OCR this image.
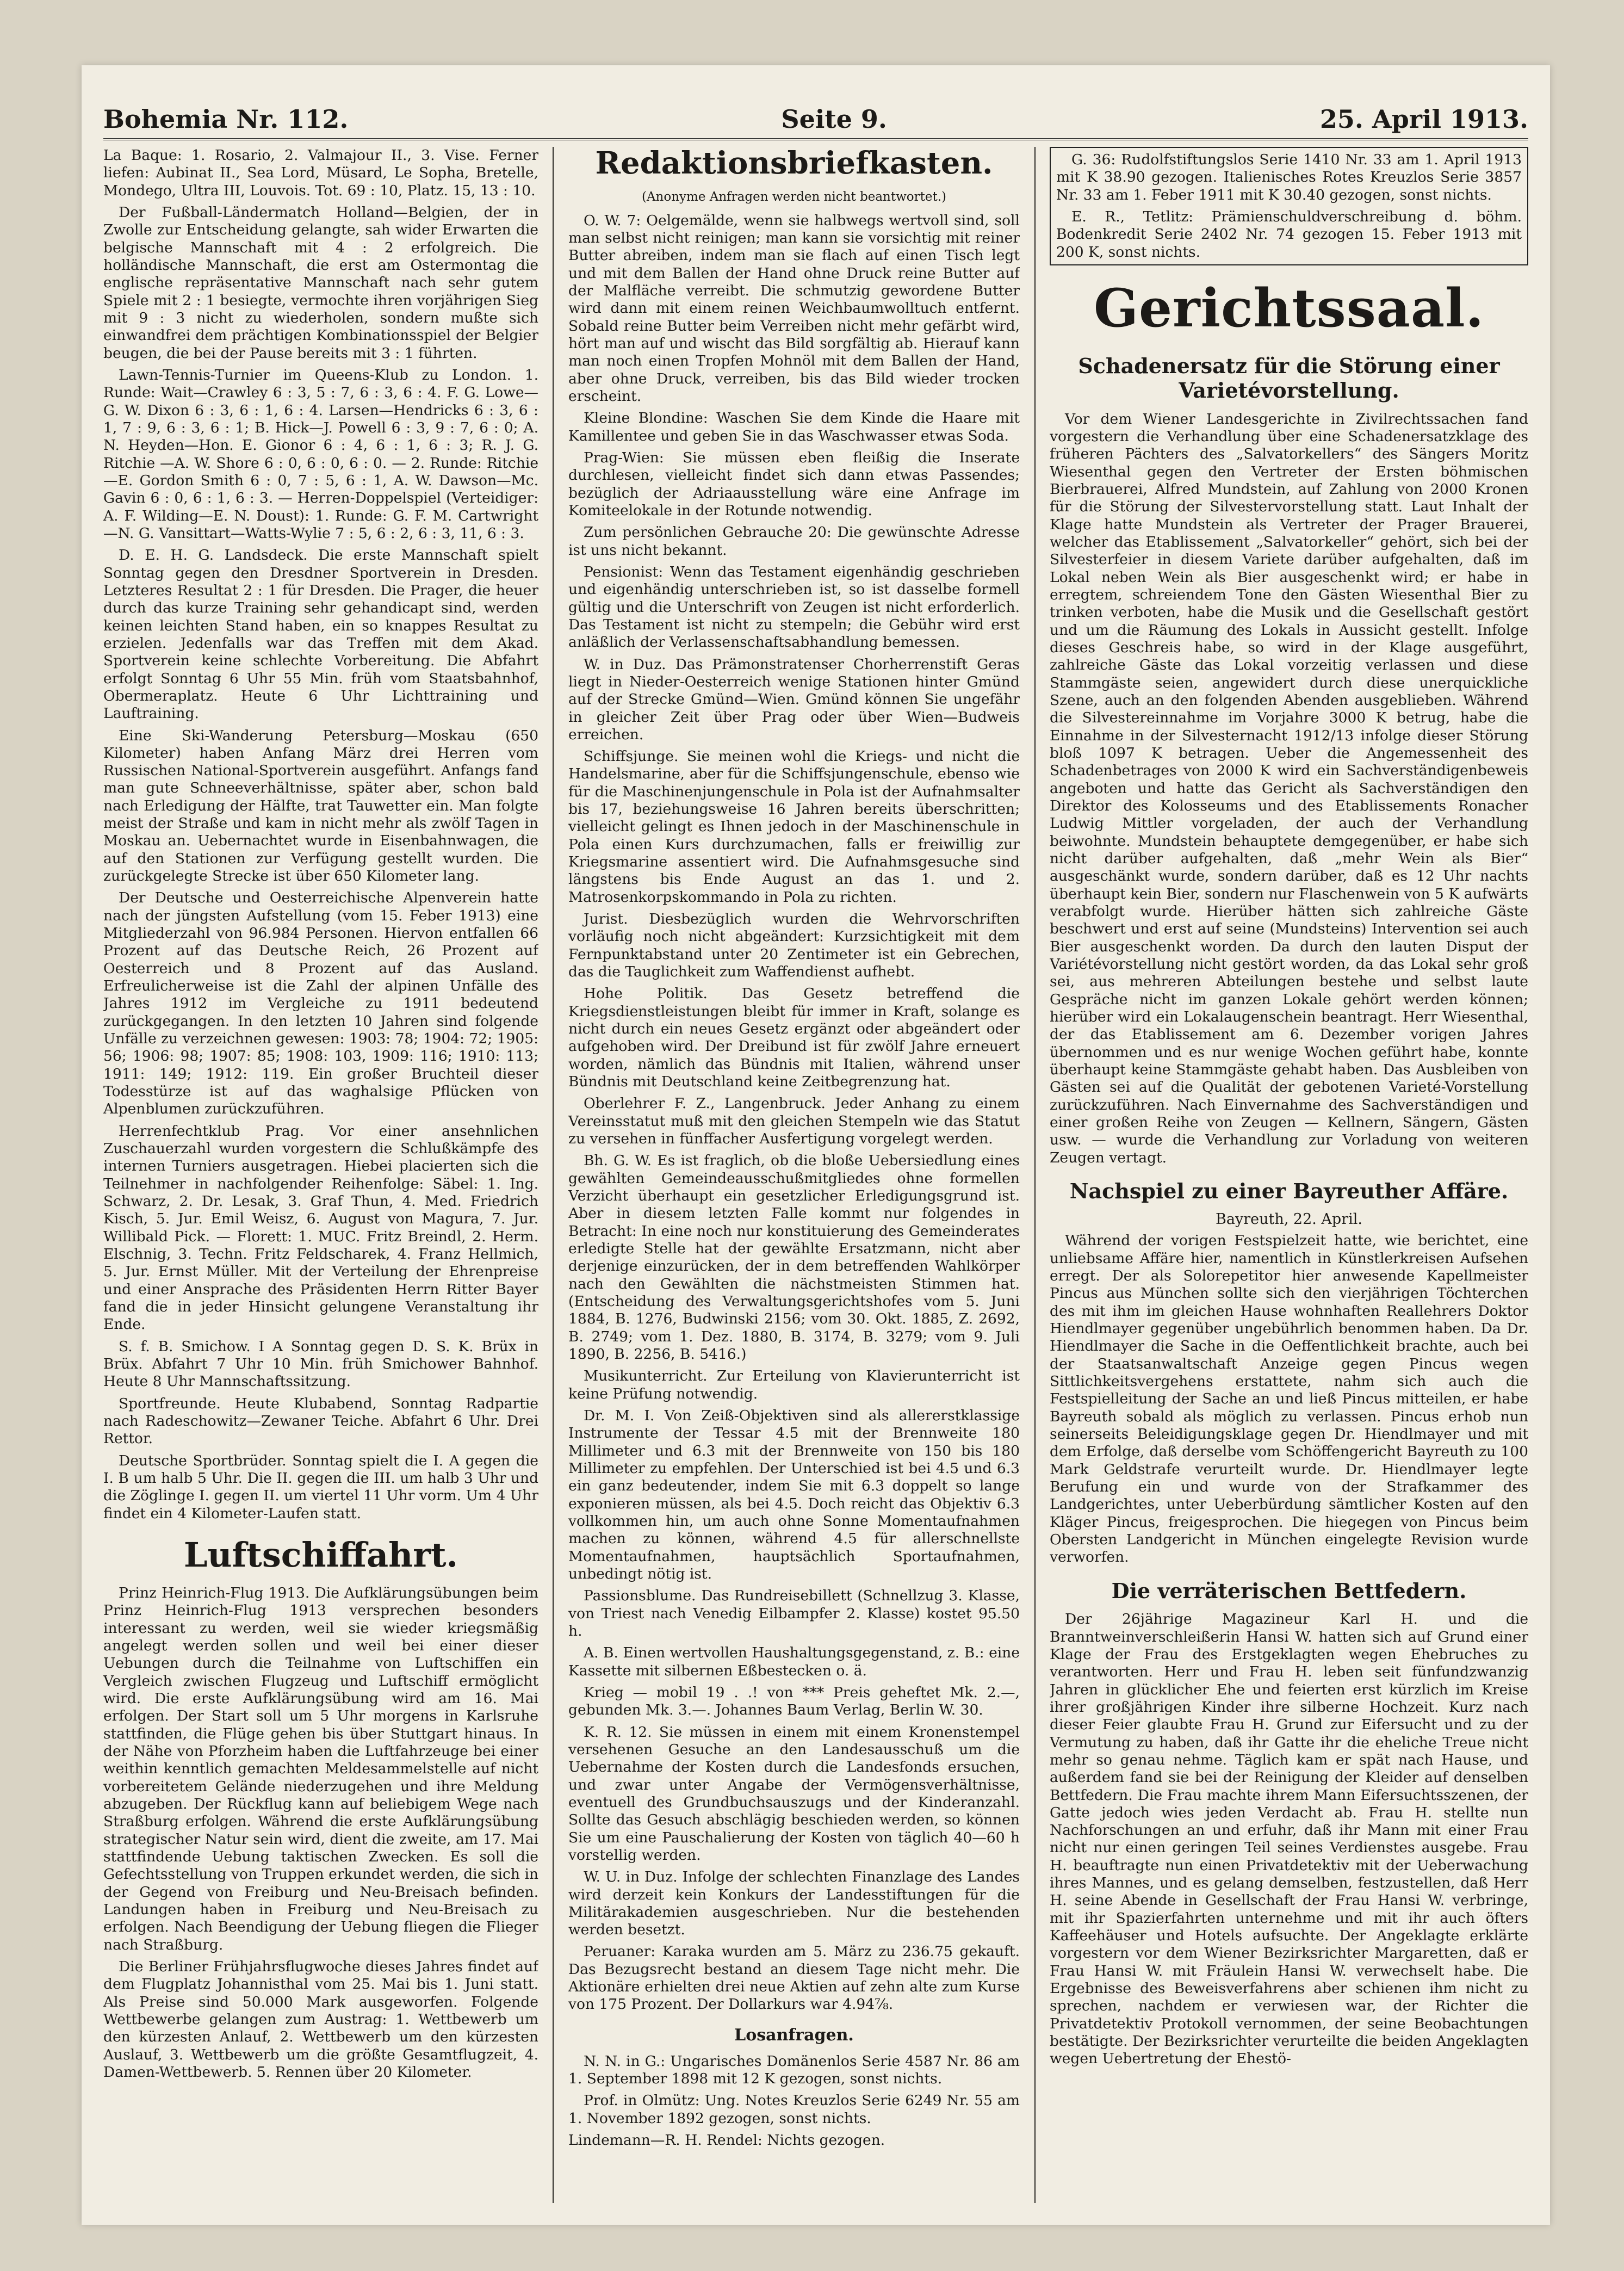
Bohemia Nr. 112.	Seite 9.	25. April 1913.

La Baque: 1. Rosario, 2. Valmajour II., 3. Vise. Ferner liefen: Aubinat II., Sea Lord, Müsard, Le Sopha, Bretelle, Mondego, Ultra III, Louvois. Tot. 69 : 10, Platz. 15, 13 : 10.

Der Fußball-Ländermatch Holland—Belgien, der in Zwolle zur Entscheidung gelangte, sah wider Erwarten die belgische Mannschaft mit 4 : 2 erfolgreich. Die holländische Mannschaft, die erst am Ostermontag die englische repräsentative Mannschaft nach sehr gutem Spiele mit 2 : 1 besiegte, vermochte ihren vorjährigen Sieg mit 9 : 3 nicht zu wiederholen, sondern mußte sich einwandfrei dem prächtigen Kombinationsspiel der Belgier beugen, die bei der Pause bereits mit 3 : 1 führten.

Lawn-Tennis-Turnier im Queens-Klub zu London. 1. Runde: Wait—Crawley 6 : 3, 5 : 7, 6 : 3, 6 : 4. F. G. Lowe—G. W. Dixon 6 : 3, 6 : 1, 6 : 4. Larsen—Hendricks 6 : 3, 6 : 1, 7 : 9, 6 : 3, 6 : 1; B. Hick—J. Powell 6 : 3, 9 : 7, 6 : 0; A. N. Heyden—Hon. E. Gionor 6 : 4, 6 : 1, 6 : 3; R. J. G. Ritchie —A. W. Shore 6 : 0, 6 : 0, 6 : 0. — 2. Runde: Ritchie —E. Gordon Smith 6 : 0, 7 : 5, 6 : 1, A. W. Dawson—Mc. Gavin 6 : 0, 6 : 1, 6 : 3. — Herren-Doppelspiel (Verteidiger: A. F. Wilding—E. N. Doust): 1. Runde: G. F. M. Cartwright—N. G. Vansittart—Watts-Wylie 7 : 5, 6 : 2, 6 : 3, 11, 6 : 3.

D. E. H. G. Landsdeck. Die erste Mannschaft spielt Sonntag gegen den Dresdner Sportverein in Dresden. Letzteres Resultat 2 : 1 für Dresden. Die Prager, die heuer durch das kurze Training sehr gehandicapt sind, werden keinen leichten Stand haben, ein so knappes Resultat zu erzielen. Jedenfalls war das Treffen mit dem Akad. Sportverein keine schlechte Vorbereitung. Die Abfahrt erfolgt Sonntag 6 Uhr 55 Min. früh vom Staatsbahnhof, Obermeraplatz. Heute 6 Uhr Lichttraining und Lauftraining.

Eine Ski-Wanderung Petersburg—Moskau (650 Kilometer) haben Anfang März drei Herren vom Russischen National-Sportverein ausgeführt. Anfangs fand man gute Schneeverhältnisse, später aber, schon bald nach Erledigung der Hälfte, trat Tauwetter ein. Man folgte meist der Straße und kam in nicht mehr als zwölf Tagen in Moskau an. Uebernachtet wurde in Eisenbahnwagen, die auf den Stationen zur Verfügung gestellt wurden. Die zurückgelegte Strecke ist über 650 Kilometer lang.

Der Deutsche und Oesterreichische Alpenverein hatte nach der jüngsten Aufstellung (vom 15. Feber 1913) eine Mitgliederzahl von 96.984 Personen. Hiervon entfallen 66 Prozent auf das Deutsche Reich, 26 Prozent auf Oesterreich und 8 Prozent auf das Ausland. Erfreulicherweise ist die Zahl der alpinen Unfälle des Jahres 1912 im Vergleiche zu 1911 bedeutend zurückgegangen. In den letzten 10 Jahren sind folgende Unfälle zu verzeichnen gewesen: 1903: 78; 1904: 72; 1905: 56; 1906: 98; 1907: 85; 1908: 103, 1909: 116; 1910: 113; 1911: 149; 1912: 119. Ein großer Bruchteil dieser Todesstürze ist auf das waghalsige Pflücken von Alpenblumen zurückzuführen.

Herrenfechtklub Prag. Vor einer ansehnlichen Zuschauerzahl wurden vorgestern die Schlußkämpfe des internen Turniers ausgetragen. Hiebei placierten sich die Teilnehmer in nachfolgender Reihenfolge: Säbel: 1. Ing. Schwarz, 2. Dr. Lesak, 3. Graf Thun, 4. Med. Friedrich Kisch, 5. Jur. Emil Weisz, 6. August von Magura, 7. Jur. Willibald Pick. — Florett: 1. MUC. Fritz Breindl, 2. Herm. Elschnig, 3. Techn. Fritz Feldscharek, 4. Franz Hellmich, 5. Jur. Ernst Müller. Mit der Verteilung der Ehrenpreise und einer Ansprache des Präsidenten Herrn Ritter Bayer fand die in jeder Hinsicht gelungene Veranstaltung ihr Ende.

S. f. B. Smichow. I A Sonntag gegen D. S. K. Brüx in Brüx. Abfahrt 7 Uhr 10 Min. früh Smichower Bahnhof. Heute 8 Uhr Mannschaftssitzung.

Sportfreunde. Heute Klubabend, Sonntag Radpartie nach Radeschowitz—Zewaner Teiche. Abfahrt 6 Uhr. Drei Rettor.

Deutsche Sportbrüder. Sonntag spielt die I. A gegen die I. B um halb 5 Uhr. Die II. gegen die III. um halb 3 Uhr und die Zöglinge I. gegen II. um viertel 11 Uhr vorm. Um 4 Uhr findet ein 4 Kilometer-Laufen statt.

Luftschiffahrt.

Prinz Heinrich-Flug 1913. Die Aufklärungsübungen beim Prinz Heinrich-Flug 1913 versprechen besonders interessant zu werden, weil sie wieder kriegsmäßig angelegt werden sollen und weil bei einer dieser Uebungen durch die Teilnahme von Luftschiffen ein Vergleich zwischen Flugzeug und Luftschiff ermöglicht wird. Die erste Aufklärungsübung wird am 16. Mai erfolgen. Der Start soll um 5 Uhr morgens in Karlsruhe stattfinden, die Flüge gehen bis über Stuttgart hinaus. In der Nähe von Pforzheim haben die Luftfahrzeuge bei einer weithin kenntlich gemachten Meldesammelstelle auf nicht vorbereitetem Gelände niederzugehen und ihre Meldung abzugeben. Der Rückflug kann auf beliebigem Wege nach Straßburg erfolgen. Während die erste Aufklärungsübung strategischer Natur sein wird, dient die zweite, am 17. Mai stattfindende Uebung taktischen Zwecken. Es soll die Gefechtsstellung von Truppen erkundet werden, die sich in der Gegend von Freiburg und Neu-Breisach befinden. Landungen haben in Freiburg und Neu-Breisach zu erfolgen. Nach Beendigung der Uebung fliegen die Flieger nach Straßburg.

Die Berliner Frühjahrsflugwoche dieses Jahres findet auf dem Flugplatz Johannisthal vom 25. Mai bis 1. Juni statt. Als Preise sind 50.000 Mark ausgeworfen. Folgende Wettbewerbe gelangen zum Austrag: 1. Wettbewerb um den kürzesten Anlauf, 2. Wettbewerb um den kürzesten Auslauf, 3. Wettbewerb um die größte Gesamtflugzeit, 4. Damen-Wettbewerb. 5. Rennen über 20 Kilometer.

Redaktionsbriefkasten.
(Anonyme Anfragen werden nicht beantwortet.)

O. W. 7: Oelgemälde, wenn sie halbwegs wertvoll sind, soll man selbst nicht reinigen; man kann sie vorsichtig mit reiner Butter abreiben, indem man sie flach auf einen Tisch legt und mit dem Ballen der Hand ohne Druck reine Butter auf der Malfläche verreibt. Die schmutzig gewordene Butter wird dann mit einem reinen Weichbaumwolltuch entfernt. Sobald reine Butter beim Verreiben nicht mehr gefärbt wird, hört man auf und wischt das Bild sorgfältig ab. Hierauf kann man noch einen Tropfen Mohnöl mit dem Ballen der Hand, aber ohne Druck, verreiben, bis das Bild wieder trocken erscheint.

Kleine Blondine: Waschen Sie dem Kinde die Haare mit Kamillentee und geben Sie in das Waschwasser etwas Soda.

Prag-Wien: Sie müssen eben fleißig die Inserate durchlesen, vielleicht findet sich dann etwas Passendes; bezüglich der Adriaausstellung wäre eine Anfrage im Komiteelokale in der Rotunde notwendig.

Zum persönlichen Gebrauche 20: Die gewünschte Adresse ist uns nicht bekannt.

Pensionist: Wenn das Testament eigenhändig geschrieben und eigenhändig unterschrieben ist, so ist dasselbe formell gültig und die Unterschrift von Zeugen ist nicht erforderlich. Das Testament ist nicht zu stempeln; die Gebühr wird erst anläßlich der Verlassenschaftsabhandlung bemessen.

W. in Duz. Das Prämonstratenser Chorherrenstift Geras liegt in Nieder-Oesterreich wenige Stationen hinter Gmünd auf der Strecke Gmünd—Wien. Gmünd können Sie ungefähr in gleicher Zeit über Prag oder über Wien—Budweis erreichen.

Schiffsjunge. Sie meinen wohl die Kriegs- und nicht die Handelsmarine, aber für die Schiffsjungenschule, ebenso wie für die Maschinenjungenschule in Pola ist der Aufnahmsalter bis 17, beziehungsweise 16 Jahren bereits überschritten; vielleicht gelingt es Ihnen jedoch in der Maschinenschule in Pola einen Kurs durchzumachen, falls er freiwillig zur Kriegsmarine assentiert wird. Die Aufnahmsgesuche sind längstens bis Ende August an das 1. und 2. Matrosenkorpskommando in Pola zu richten.

Jurist. Diesbezüglich wurden die Wehrvorschriften vorläufig noch nicht abgeändert: Kurzsichtigkeit mit dem Fernpunktabstand unter 20 Zentimeter ist ein Gebrechen, das die Tauglichkeit zum Waffendienst aufhebt.

Hohe Politik. Das Gesetz betreffend die Kriegsdienstleistungen bleibt für immer in Kraft, solange es nicht durch ein neues Gesetz ergänzt oder abgeändert oder aufgehoben wird. Der Dreibund ist für zwölf Jahre erneuert worden, nämlich das Bündnis mit Italien, während unser Bündnis mit Deutschland keine Zeitbegrenzung hat.

Oberlehrer F. Z., Langenbruck. Jeder Anhang zu einem Vereinsstatut muß mit den gleichen Stempeln wie das Statut zu versehen in fünffacher Ausfertigung vorgelegt werden.

Bh. G. W. Es ist fraglich, ob die bloße Uebersiedlung eines gewählten Gemeindeausschußmitgliedes ohne formellen Verzicht überhaupt ein gesetzlicher Erledigungsgrund ist. Aber in diesem letzten Falle kommt nur folgendes in Betracht: In eine noch nur konstituierung des Gemeinderates erledigte Stelle hat der gewählte Ersatzmann, nicht aber derjenige einzurücken, der in dem betreffenden Wahlkörper nach den Gewählten die nächstmeisten Stimmen hat. (Entscheidung des Verwaltungsgerichtshofes vom 5. Juni 1884, B. 1276, Budwinski 2156; vom 30. Okt. 1885, Z. 2692, B. 2749; vom 1. Dez. 1880, B. 3174, B. 3279; vom 9. Juli 1890, B. 2256, B. 5416.)

Musikunterricht. Zur Erteilung von Klavierunterricht ist keine Prüfung notwendig.

Dr. M. I. Von Zeiß-Objektiven sind als allererstklassige Instrumente der Tessar 4.5 mit der Brennweite 180 Millimeter und 6.3 mit der Brennweite von 150 bis 180 Millimeter zu empfehlen. Der Unterschied ist bei 4.5 und 6.3 ein ganz bedeutender, indem Sie mit 6.3 doppelt so lange exponieren müssen, als bei 4.5. Doch reicht das Objektiv 6.3 vollkommen hin, um auch ohne Sonne Momentaufnahmen machen zu können, während 4.5 für allerschnellste Momentaufnahmen, hauptsächlich Sportaufnahmen, unbedingt nötig ist.

Passionsblume. Das Rundreisebillett (Schnellzug 3. Klasse, von Triest nach Venedig Eilbampfer 2. Klasse) kostet 95.50 h.

A. B. Einen wertvollen Haushaltungsgegenstand, z. B.: eine Kassette mit silbernen Eßbestecken o. ä.

Krieg — mobil 19 . .! von *** Preis geheftet Mk. 2.—, gebunden Mk. 3.—. Johannes Baum Verlag, Berlin W. 30.

K. R. 12. Sie müssen in einem mit einem Kronenstempel versehenen Gesuche an den Landesausschuß um die Uebernahme der Kosten durch die Landesfonds ersuchen, und zwar unter Angabe der Vermögensverhältnisse, eventuell des Grundbuchsauszugs und der Kinderanzahl. Sollte das Gesuch abschlägig beschieden werden, so können Sie um eine Pauschalierung der Kosten von täglich 40—60 h vorstellig werden.

W. U. in Duz. Infolge der schlechten Finanzlage des Landes wird derzeit kein Konkurs der Landesstiftungen für die Militärakademien ausgeschrieben. Nur die bestehenden werden besetzt.

Peruaner: Karaka wurden am 5. März zu 236.75 gekauft. Das Bezugsrecht bestand an diesem Tage nicht mehr. Die Aktionäre erhielten drei neue Aktien auf zehn alte zum Kurse von 175 Prozent. Der Dollarkurs war 4.94⅞.

Losanfragen.

N. N. in G.: Ungarisches Domänenlos Serie 4587 Nr. 86 am 1. September 1898 mit 12 K gezogen, sonst nichts.

Prof. in Olmütz: Ung. Notes Kreuzlos Serie 6249 Nr. 55 am 1. November 1892 gezogen, sonst nichts.

Lindemann—R. H. Rendel: Nichts gezogen.

G. 36: Rudolfstiftungslos Serie 1410 Nr. 33 am 1. April 1913 mit K 38.90 gezogen. Italienisches Rotes Kreuzlos Serie 3857 Nr. 33 am 1. Feber 1911 mit K 30.40 gezogen, sonst nichts.

E. R., Tetlitz: Prämienschuldverschreibung d. böhm. Bodenkredit Serie 2402 Nr. 74 gezogen 15. Feber 1913 mit 200 K, sonst nichts.

Gerichtssaal.
Schadenersatz für die Störung einer Varietévorstellung.

Vor dem Wiener Landesgerichte in Zivilrechtssachen fand vorgestern die Verhandlung über eine Schadenersatzklage des früheren Pächters des „Salvatorkellers“ des Sängers Moritz Wiesenthal gegen den Vertreter der Ersten böhmischen Bierbrauerei, Alfred Mundstein, auf Zahlung von 2000 Kronen für die Störung der Silvestervorstellung statt. Laut Inhalt der Klage hatte Mundstein als Vertreter der Prager Brauerei, welcher das Etablissement „Salvatorkeller“ gehört, sich bei der Silvesterfeier in diesem Variete darüber aufgehalten, daß im Lokal neben Wein als Bier ausgeschenkt wird; er habe in erregtem, schreiendem Tone den Gästen Wiesenthal Bier zu trinken verboten, habe die Musik und die Gesellschaft gestört und um die Räumung des Lokals in Aussicht gestellt. Infolge dieses Geschreis habe, so wird in der Klage ausgeführt, zahlreiche Gäste das Lokal vorzeitig verlassen und diese Stammgäste seien, angewidert durch diese unerquickliche Szene, auch an den folgenden Abenden ausgeblieben. Während die Silvestereinnahme im Vorjahre 3000 K betrug, habe die Einnahme in der Silvesternacht 1912/13 infolge dieser Störung bloß 1097 K betragen. Ueber die Angemessenheit des Schadenbetrages von 2000 K wird ein Sachverständigenbeweis angeboten und hatte das Gericht als Sachverständigen den Direktor des Kolosseums und des Etablissements Ronacher Ludwig Mittler vorgeladen, der auch der Verhandlung beiwohnte. Mundstein behauptete demgegenüber, er habe sich nicht darüber aufgehalten, daß „mehr Wein als Bier“ ausgeschänkt wurde, sondern darüber, daß es 12 Uhr nachts überhaupt kein Bier, sondern nur Flaschenwein von 5 K aufwärts verabfolgt wurde. Hierüber hätten sich zahlreiche Gäste beschwert und erst auf seine (Mundsteins) Intervention sei auch Bier ausgeschenkt worden. Da durch den lauten Disput der Variétévorstellung nicht gestört worden, da das Lokal sehr groß sei, aus mehreren Abteilungen bestehe und selbst laute Gespräche nicht im ganzen Lokale gehört werden können; hierüber wird ein Lokalaugenschein beantragt. Herr Wiesenthal, der das Etablissement am 6. Dezember vorigen Jahres übernommen und es nur wenige Wochen geführt habe, konnte überhaupt keine Stammgäste gehabt haben. Das Ausbleiben von Gästen sei auf die Qualität der gebotenen Varieté-Vorstellung zurückzuführen. Nach Einvernahme des Sachverständigen und einer großen Reihe von Zeugen — Kellnern, Sängern, Gästen usw. — wurde die Verhandlung zur Vorladung von weiteren Zeugen vertagt.

Nachspiel zu einer Bayreuther Affäre.
Bayreuth, 22. April.

Während der vorigen Festspielzeit hatte, wie berichtet, eine unliebsame Affäre hier, namentlich in Künstlerkreisen Aufsehen erregt. Der als Solorepetitor hier anwesende Kapellmeister Pincus aus München sollte sich den vierjährigen Töchterchen des mit ihm im gleichen Hause wohnhaften Reallehrers Doktor Hiendlmayer gegenüber ungebührlich benommen haben. Da Dr. Hiendlmayer die Sache in die Oeffentlichkeit brachte, auch bei der Staatsanwaltschaft Anzeige gegen Pincus wegen Sittlichkeitsvergehens erstattete, nahm sich auch die Festspielleitung der Sache an und ließ Pincus mitteilen, er habe Bayreuth sobald als möglich zu verlassen. Pincus erhob nun seinerseits Beleidigungsklage gegen Dr. Hiendlmayer und mit dem Erfolge, daß derselbe vom Schöffengericht Bayreuth zu 100 Mark Geldstrafe verurteilt wurde. Dr. Hiendlmayer legte Berufung ein und wurde von der Strafkammer des Landgerichtes, unter Ueberbürdung sämtlicher Kosten auf den Kläger Pincus, freigesprochen. Die hiegegen von Pincus beim Obersten Landgericht in München eingelegte Revision wurde verworfen.

Die verräterischen Bettfedern.

Der 26jährige Magazineur Karl H. und die Branntweinverschleißerin Hansi W. hatten sich auf Grund einer Klage der Frau des Erstgeklagten wegen Ehebruches zu verantworten. Herr und Frau H. leben seit fünfundzwanzig Jahren in glücklicher Ehe und feierten erst kürzlich im Kreise ihrer großjährigen Kinder ihre silberne Hochzeit. Kurz nach dieser Feier glaubte Frau H. Grund zur Eifersucht und zu der Vermutung zu haben, daß ihr Gatte ihr die eheliche Treue nicht mehr so genau nehme. Täglich kam er spät nach Hause, und außerdem fand sie bei der Reinigung der Kleider auf denselben Bettfedern. Die Frau machte ihrem Mann Eifersuchtsszenen, der Gatte jedoch wies jeden Verdacht ab. Frau H. stellte nun Nachforschungen an und erfuhr, daß ihr Mann mit einer Frau nicht nur einen geringen Teil seines Verdienstes ausgebe. Frau H. beauftragte nun einen Privatdetektiv mit der Ueberwachung ihres Mannes, und es gelang demselben, festzustellen, daß Herr H. seine Abende in Gesellschaft der Frau Hansi W. verbringe, mit ihr Spazierfahrten unternehme und mit ihr auch öfters Kaffeehäuser und Hotels aufsuchte. Der Angeklagte erklärte vorgestern vor dem Wiener Bezirksrichter Margaretten, daß er Frau Hansi W. mit Fräulein Hansi W. verwechselt habe. Die Ergebnisse des Beweisverfahrens aber schienen ihm nicht zu sprechen, nachdem er verwiesen war, der Richter die Privatdetektiv Protokoll vernommen, der seine Beobachtungen bestätigte. Der Bezirksrichter verurteilte die beiden Angeklagten wegen Uebertretung der Ehestö-
